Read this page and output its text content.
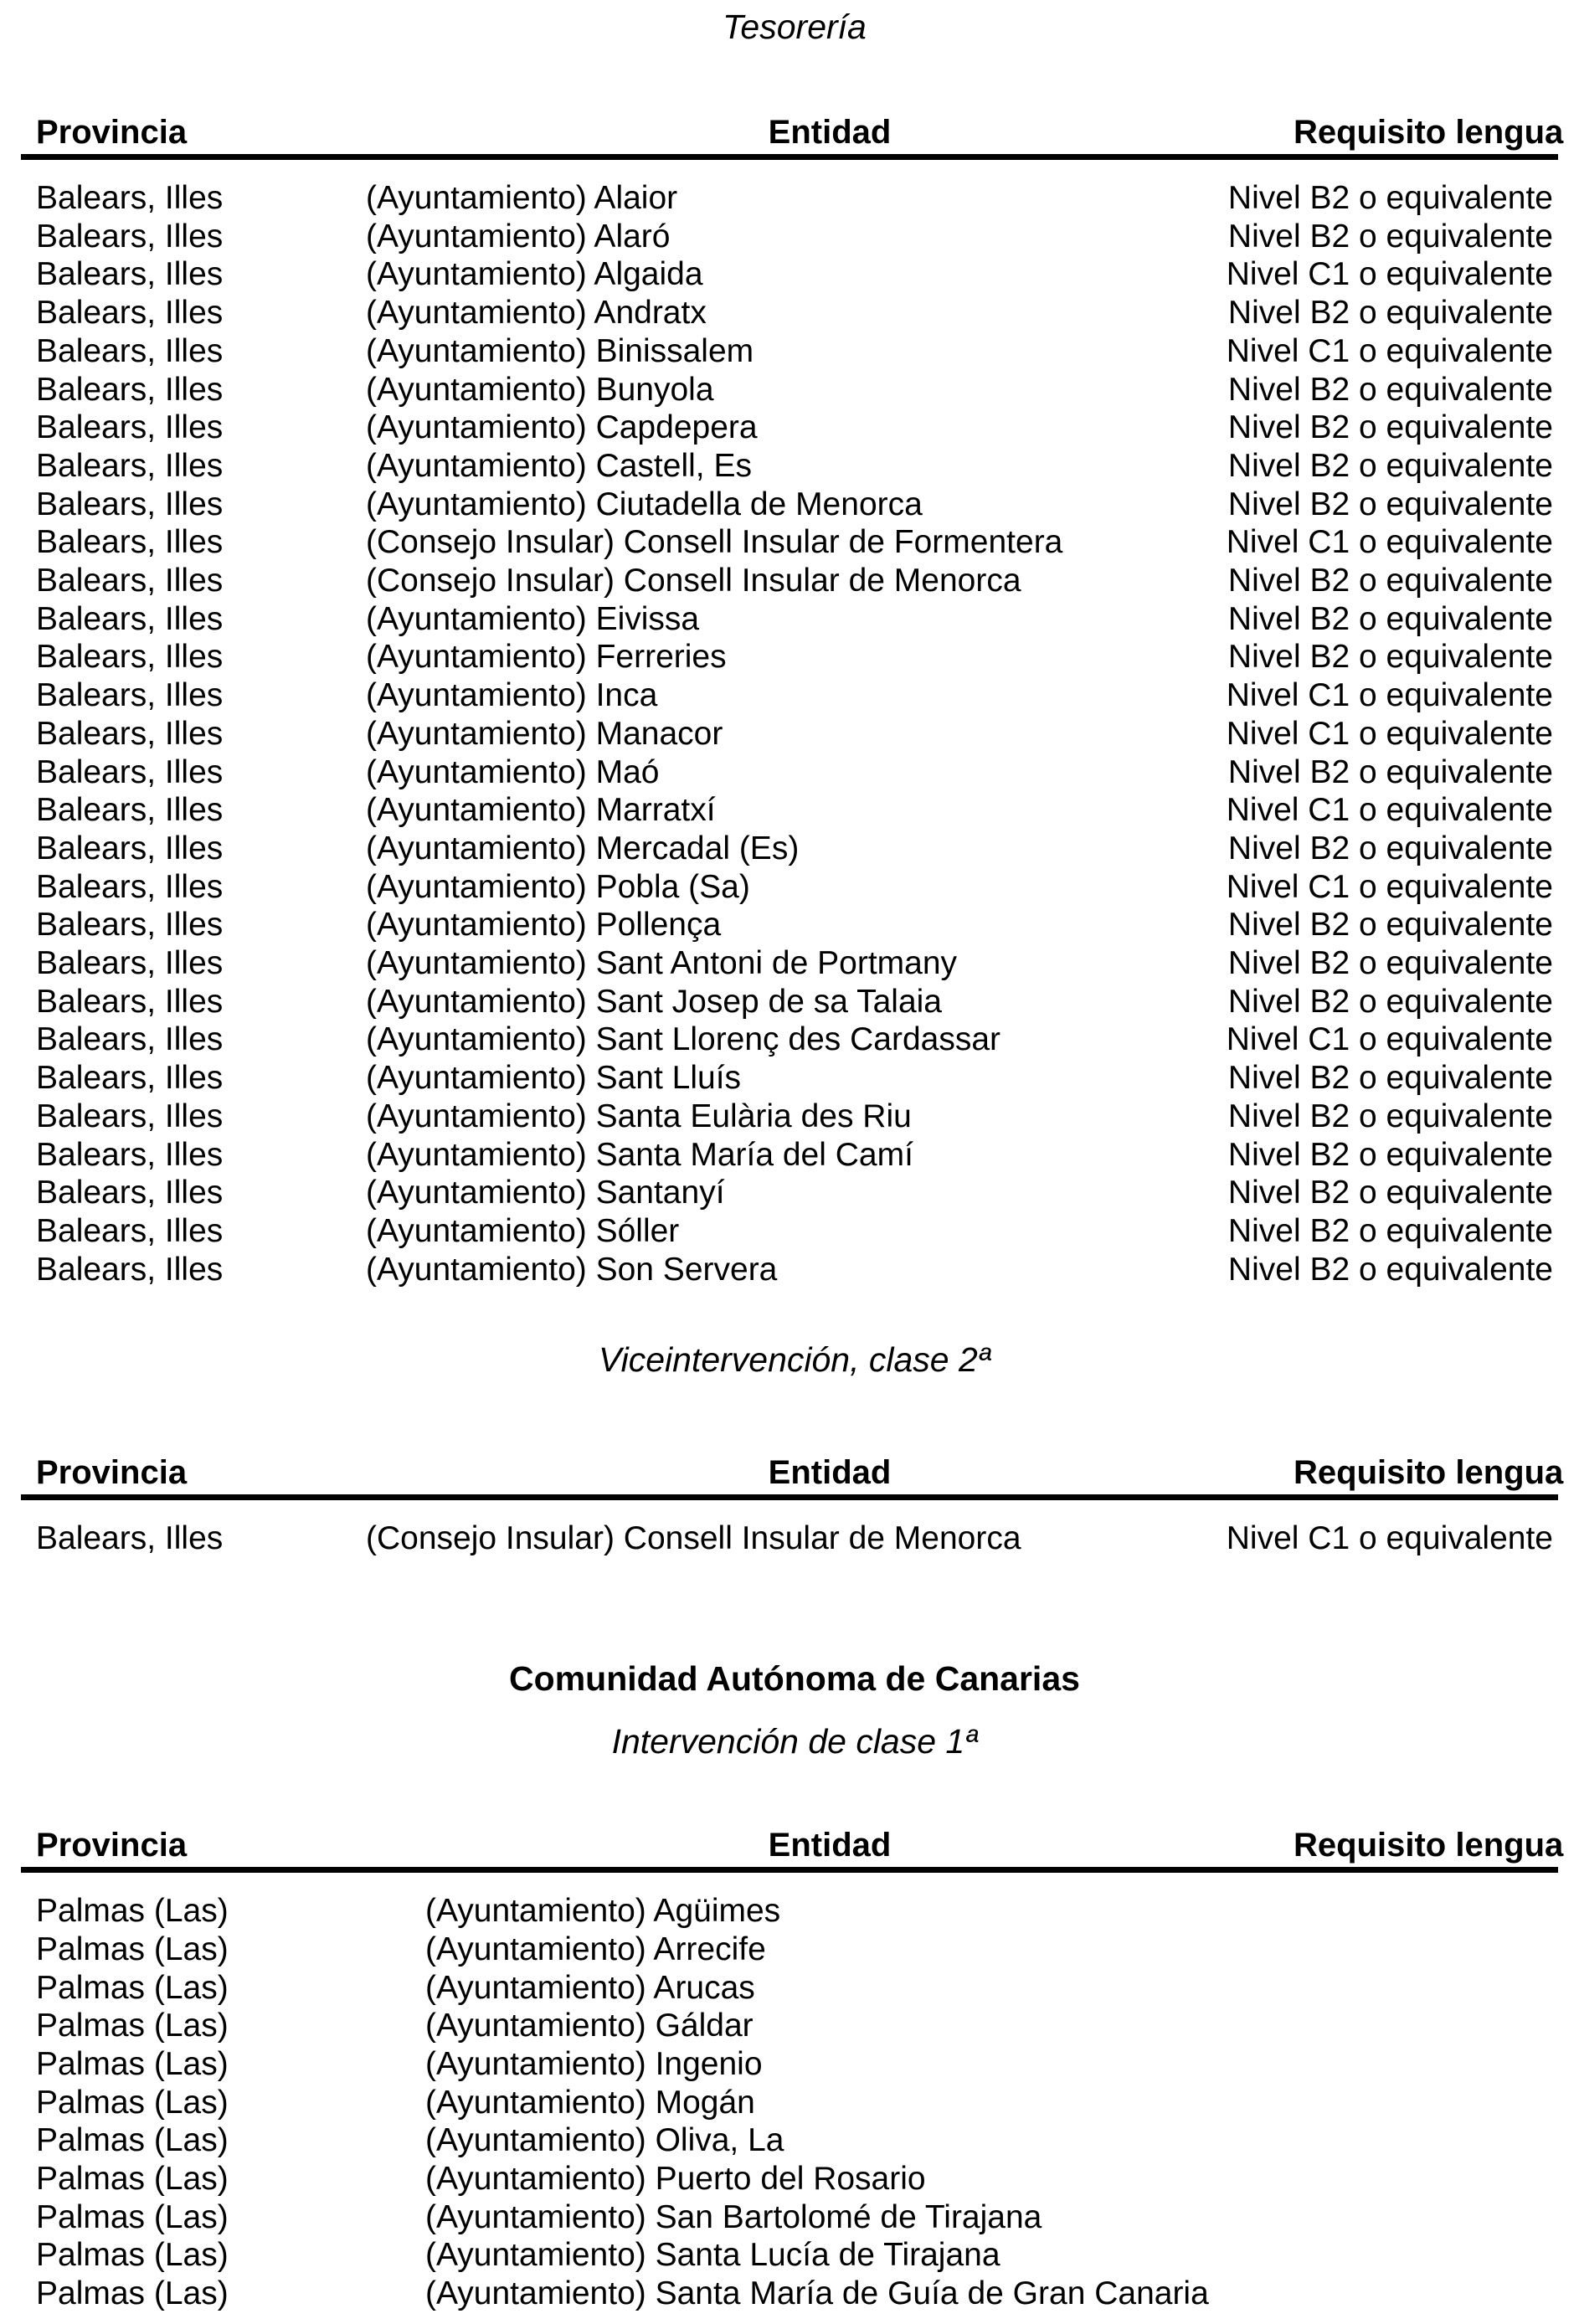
Tesorería
Provincia	Entidad	Requisito lengua
Balears, Illes	(Ayuntamiento) Alaior	Nivel B2 o equivalente
Balears, Illes	(Ayuntamiento) Alaró	Nivel B2 o equivalente
Balears, Illes	(Ayuntamiento) Algaida	Nivel C1 o equivalente
Balears, Illes	(Ayuntamiento) Andratx	Nivel B2 o equivalente
Balears, Illes	(Ayuntamiento) Binissalem	Nivel C1 o equivalente
Balears, Illes	(Ayuntamiento) Bunyola	Nivel B2 o equivalente
Balears, Illes	(Ayuntamiento) Capdepera	Nivel B2 o equivalente
Balears, Illes	(Ayuntamiento) Castell, Es	Nivel B2 o equivalente
Balears, Illes	(Ayuntamiento) Ciutadella de Menorca	Nivel B2 o equivalente
Balears, Illes	(Consejo Insular) Consell Insular de Formentera	Nivel C1 o equivalente
Balears, Illes	(Consejo Insular) Consell Insular de Menorca	Nivel B2 o equivalente
Balears, Illes	(Ayuntamiento) Eivissa	Nivel B2 o equivalente
Balears, Illes	(Ayuntamiento) Ferreries	Nivel B2 o equivalente
Balears, Illes	(Ayuntamiento) Inca	Nivel C1 o equivalente
Balears, Illes	(Ayuntamiento) Manacor	Nivel C1 o equivalente
Balears, Illes	(Ayuntamiento) Maó	Nivel B2 o equivalente
Balears, Illes	(Ayuntamiento) Marratxí	Nivel C1 o equivalente
Balears, Illes	(Ayuntamiento) Mercadal (Es)	Nivel B2 o equivalente
Balears, Illes	(Ayuntamiento) Pobla (Sa)	Nivel C1 o equivalente
Balears, Illes	(Ayuntamiento) Pollença	Nivel B2 o equivalente
Balears, Illes	(Ayuntamiento) Sant Antoni de Portmany	Nivel B2 o equivalente
Balears, Illes	(Ayuntamiento) Sant Josep de sa Talaia	Nivel B2 o equivalente
Balears, Illes	(Ayuntamiento) Sant Llorenç des Cardassar	Nivel C1 o equivalente
Balears, Illes	(Ayuntamiento) Sant Lluís	Nivel B2 o equivalente
Balears, Illes	(Ayuntamiento) Santa Eulària des Riu	Nivel B2 o equivalente
Balears, Illes	(Ayuntamiento) Santa María del Camí	Nivel B2 o equivalente
Balears, Illes	(Ayuntamiento) Santanyí	Nivel B2 o equivalente
Balears, Illes	(Ayuntamiento) Sóller	Nivel B2 o equivalente
Balears, Illes	(Ayuntamiento) Son Servera	Nivel B2 o equivalente
Viceintervención, clase 2ª
Provincia	Entidad	Requisito lengua
Balears, Illes	(Consejo Insular) Consell Insular de Menorca	Nivel C1 o equivalente
Comunidad Autónoma de Canarias
Intervención de clase 1ª
Provincia	Entidad	Requisito lengua
Palmas (Las)	(Ayuntamiento) Agüimes
Palmas (Las)	(Ayuntamiento) Arrecife
Palmas (Las)	(Ayuntamiento) Arucas
Palmas (Las)	(Ayuntamiento) Gáldar
Palmas (Las)	(Ayuntamiento) Ingenio
Palmas (Las)	(Ayuntamiento) Mogán
Palmas (Las)	(Ayuntamiento) Oliva, La
Palmas (Las)	(Ayuntamiento) Puerto del Rosario
Palmas (Las)	(Ayuntamiento) San Bartolomé de Tirajana
Palmas (Las)	(Ayuntamiento) Santa Lucía de Tirajana
Palmas (Las)	(Ayuntamiento) Santa María de Guía de Gran Canaria
